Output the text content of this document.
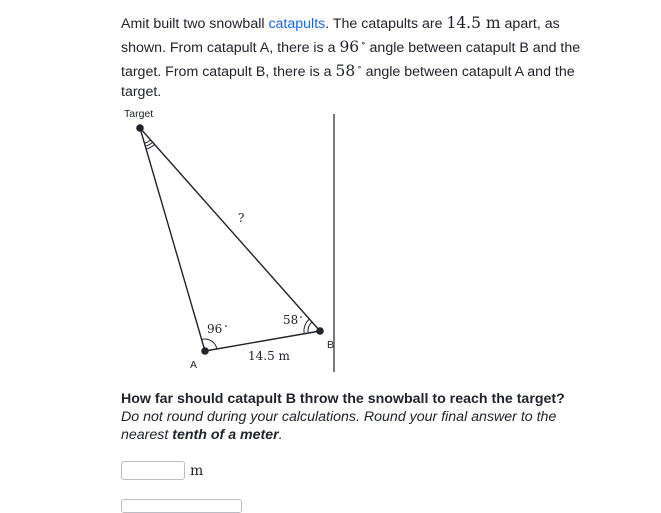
Amit built two snowball catapults. The catapults are 14.5 m apart, as shown. From catapult A, there is a 96 ∘ angle between catapult B and the target. From catapult B, there is a 58 ∘ angle between catapult A and the target.
Target
A
B
?
96 ∘	58∘
14.5 m
How far should catapult B throw the snowball to reach the target?
Do not round during your calculations. Round your final answer to the nearest tenth of a meter.
m
